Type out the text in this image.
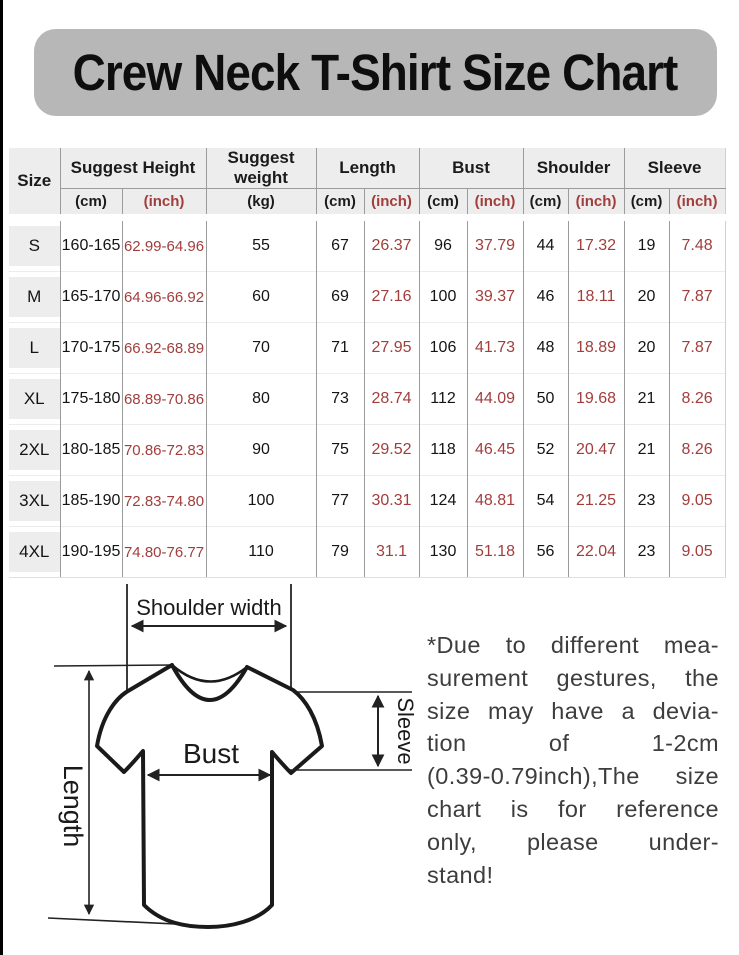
Crew Neck T-Shirt Size Chart
Size	Suggest Height		Suggest weight	Length		Bust		Shoulder		Sleeve	
	(cm)	(inch)	(kg)	(cm)	(inch)	(cm)	(inch)	(cm)	(inch)	(cm)	(inch)

S	160-165	62.99-64.96	55	67	26.37	96	37.79	44	17.32	19	7.48

M	165-170	64.96-66.92	60	69	27.16	100	39.37	46	18.11	20	7.87

L	170-175	66.92-68.89	70	71	27.95	106	41.73	48	18.89	20	7.87

XL	175-180	68.89-70.86	80	73	28.74	112	44.09	50	19.68	21	8.26

2XL	180-185	70.86-72.83	90	75	29.52	118	46.45	52	20.47	21	8.26

3XL	185-190	72.83-74.80	100	77	30.31	124	48.81	54	21.25	23	9.05

4XL	190-195	74.80-76.77	110	79	31.1	130	51.18	56	22.04	23	9.05
Shoulder width
Length
Bust	Sleeve
*Due to different mea-
surement gestures, the
size may have a devia-
tion of 1-2cm
(0.39-0.79inch),The size
chart is for reference
only, please under-
stand!
